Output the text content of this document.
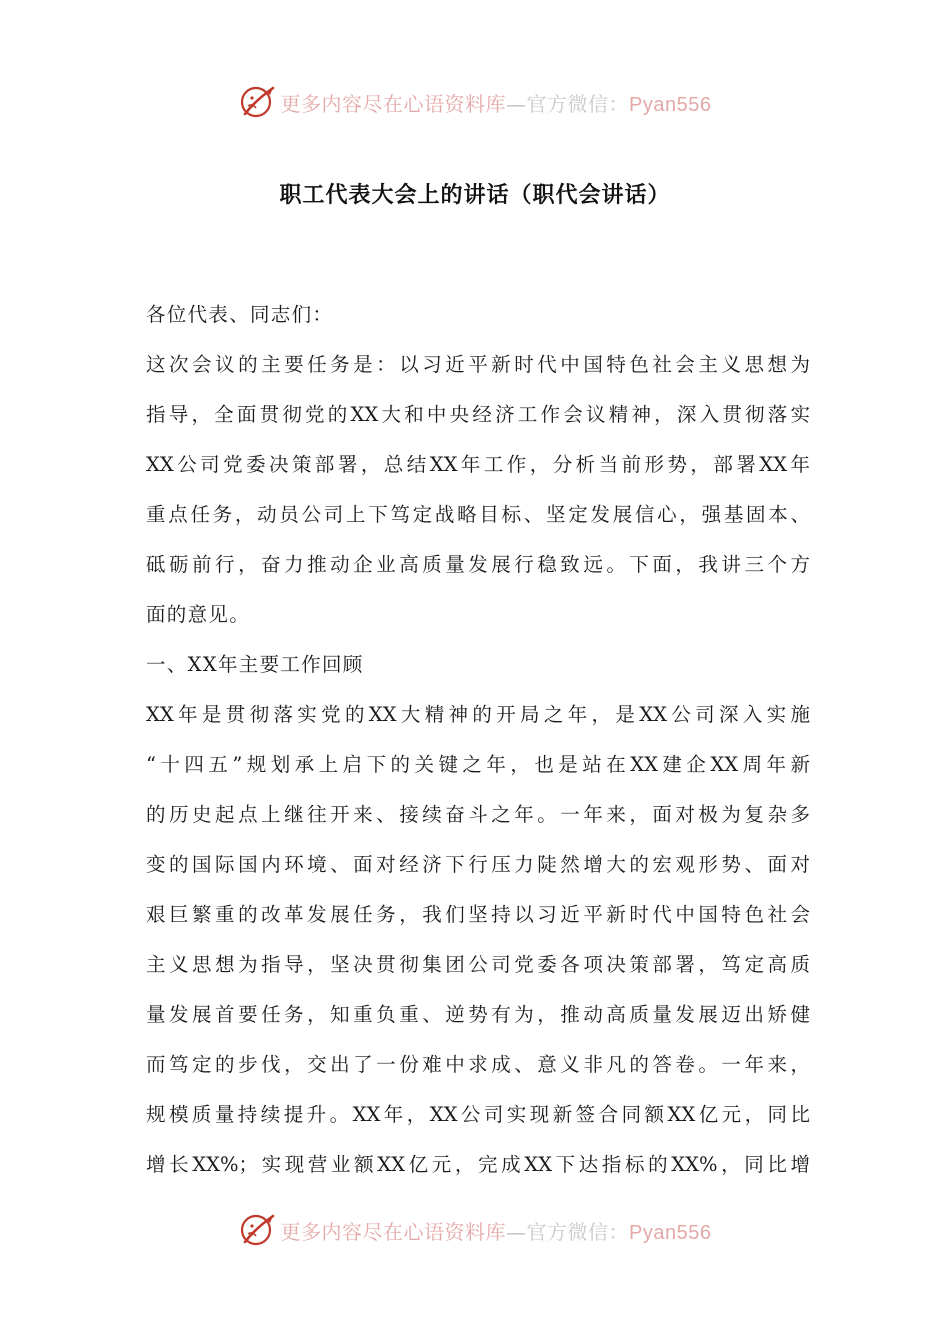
更多内容尽在心语资料库—官方微信：Pyan556
职工代表大会上的讲话（职代会讲话）
各位代表、同志们：
这次会议的主要任务是：以习近平新时代中国特色社会主义思想为
指导，全面贯彻党的XX大和中央经济工作会议精神，深入贯彻落实
XX公司党委决策部署，总结XX年工作，分析当前形势，部署XX年
重点任务，动员公司上下笃定战略目标、坚定发展信心，强基固本、
砥砺前行，奋力推动企业高质量发展行稳致远。下面，我讲三个方
面的意见。
一、XX年主要工作回顾
XX年是贯彻落实党的XX大精神的开局之年，是XX公司深入实施
“十四五”规划承上启下的关键之年，也是站在XX建企XX周年新
的历史起点上继往开来、接续奋斗之年。一年来，面对极为复杂多
变的国际国内环境、面对经济下行压力陡然增大的宏观形势、面对
艰巨繁重的改革发展任务，我们坚持以习近平新时代中国特色社会
主义思想为指导，坚决贯彻集团公司党委各项决策部署，笃定高质
量发展首要任务，知重负重、逆势有为，推动高质量发展迈出矫健
而笃定的步伐，交出了一份难中求成、意义非凡的答卷。一年来，
规模质量持续提升。XX年，XX公司实现新签合同额XX亿元，同比
增长XX%；实现营业额XX亿元，完成XX下达指标的XX%，同比增
更多内容尽在心语资料库—官方微信：Pyan556
